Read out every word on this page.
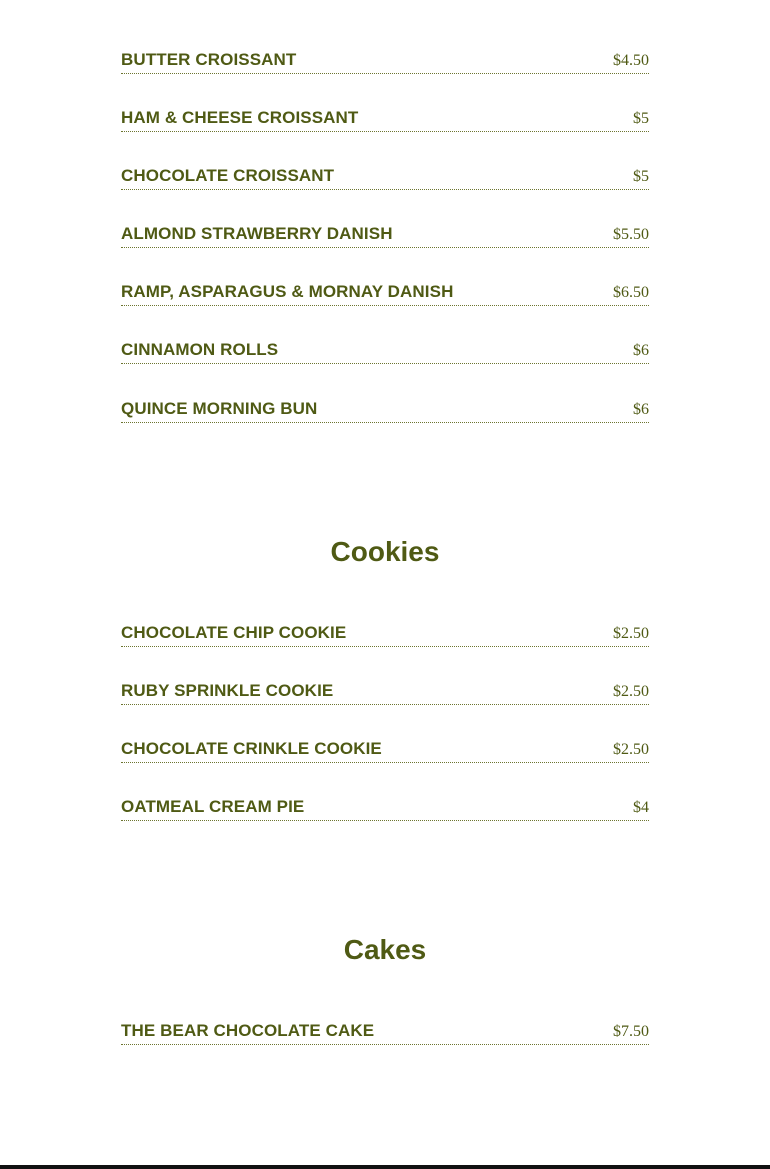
BUTTER CROISSANT	$4.50
HAM & CHEESE CROISSANT	$5
CHOCOLATE CROISSANT	$5
ALMOND STRAWBERRY DANISH	$5.50
RAMP, ASPARAGUS & MORNAY DANISH	$6.50
CINNAMON ROLLS	$6
QUINCE MORNING BUN	$6
Cookies
CHOCOLATE CHIP COOKIE	$2.50
RUBY SPRINKLE COOKIE	$2.50
CHOCOLATE CRINKLE COOKIE	$2.50
OATMEAL CREAM PIE	$4
Cakes
THE BEAR CHOCOLATE CAKE	$7.50
